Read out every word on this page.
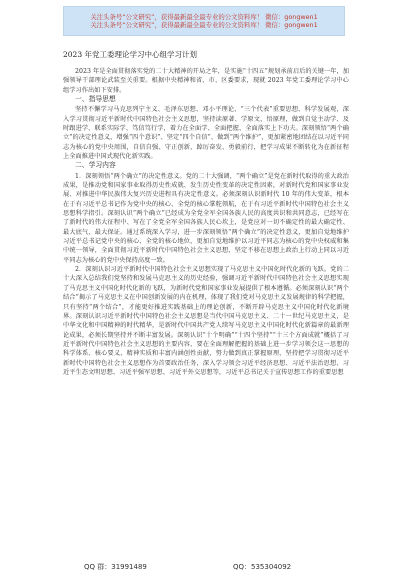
关注头条号“公文研究”，获得最新最全最专业的公文资料库！ 微信：gongwen1
关注头条号“公文研究”，获得最新最全最专业的公文资料库！ 微信：gongwen1

2023 年党工委理论学习中心组学习计划

2023 年是全面贯彻落实党的二十大精神的开局之年，是实施“十四五”规划承前启后的关键一年，加强领导干部理论武装至关重要。根据中央精神和省、市、区委要求，现就 2023 年党工委理论学习中心组学习作出如下安排。

一、指导思想

坚持不懈学习马克思列宁主义、毛泽东思想、邓小平理论、“三个代表”重要思想、科学发展观，深入学习贯彻习近平新时代中国特色社会主义思想，坚持读原著、学原文、悟原理，做到自觉主动学、及时跟进学、联系实际学、笃信笃行学，着力在全面学、全面把握、全面落实上下功夫。深刻领悟“两个确立”的决定性意义，增强“四个意识”、坚定“四个自信”、做到“两个维护”，更加紧密地团结在以习近平同志为核心的党中央周围，自信自强、守正创新，踔厉奋发、勇毅前行，把学习成果不断转化为在新征程上全面推进中国式现代化新实践。

二、学习内容

1．深刻领悟“两个确立”的决定性意义。党的二十大强调，“两个确立”是党在新时代取得的重大政治成果，是推动党和国家事业取得历史性成就、发生历史性变革的决定性因素，对新时代党和国家事业发展、对推进中华民族伟大复兴历史进程具有决定性意义。必须深刻认识新时代 10 年的伟大变革，根本在于有习近平总书记作为党中央的核心、全党的核心掌舵领航，在于有习近平新时代中国特色社会主义思想科学指引。深刻认识“两个确立”已经成为全党全军全国各族人民的高度共识和共同意志，已经写在了新时代的伟大征程中、写在了全党全军全国各族人民心坎上，是党应对一切不确定性的最大确定性、最大底气、最大保证。通过系统深入学习，进一步深刻领悟“两个确立”的决定性意义，更加自觉地维护习近平总书记党中央的核心、全党的核心地位，更加自觉地维护以习近平同志为核心的党中央权威和集中统一领导，全面贯彻习近平新时代中国特色社会主义思想，坚定不移在思想上政治上行动上同以习近平同志为核心的党中央保持高度一致。

2．深刻认识习近平新时代中国特色社会主义思想实现了马克思主义中国化时代化新的飞跃。党的二十大深入总结我们党坚持和发展马克思主义的历史经验，强调习近平新时代中国特色社会主义思想实现了马克思主义中国化时代化新的飞跃，为新时代党和国家事业发展提供了根本遵循。必须深刻认识“两个结合”揭示了马克思主义在中国创新发展的内在机理，体现了我们党对马克思主义发展规律的科学把握，只有坚持“两个结合”，才能更好推进实践基础上的理论创新，不断开辟马克思主义中国化时代化新境界。深刻认识习近平新时代中国特色社会主义思想是当代中国马克思主义、二十一世纪马克思主义，是中华文化和中国精神的时代精华，是新时代中国共产党人续写马克思主义中国化时代化新篇章的最新理论成果，必须长期坚持并不断丰富发展。深刻认识“十个明确”“十四个坚持”“十三个方面成就”概括了习近平新时代中国特色社会主义思想的主要内容，要在全面理解把握的基础上进一步学习领会这一思想的科学体系、核心要义、精神实质和丰富内涵创性贡献，努力做到真正掌握原理，坚持把学习贯彻习近平新时代中国特色社会主义思想作为首要政治任务，深入学习领会习近平经济思想、习近平法治思想、习近平生态文明思想、习近平强军思想、习近平外交思想等，习近平总书记关于宣传思想工作的重要思想

QQ 群：31991489	QQ：535304092
